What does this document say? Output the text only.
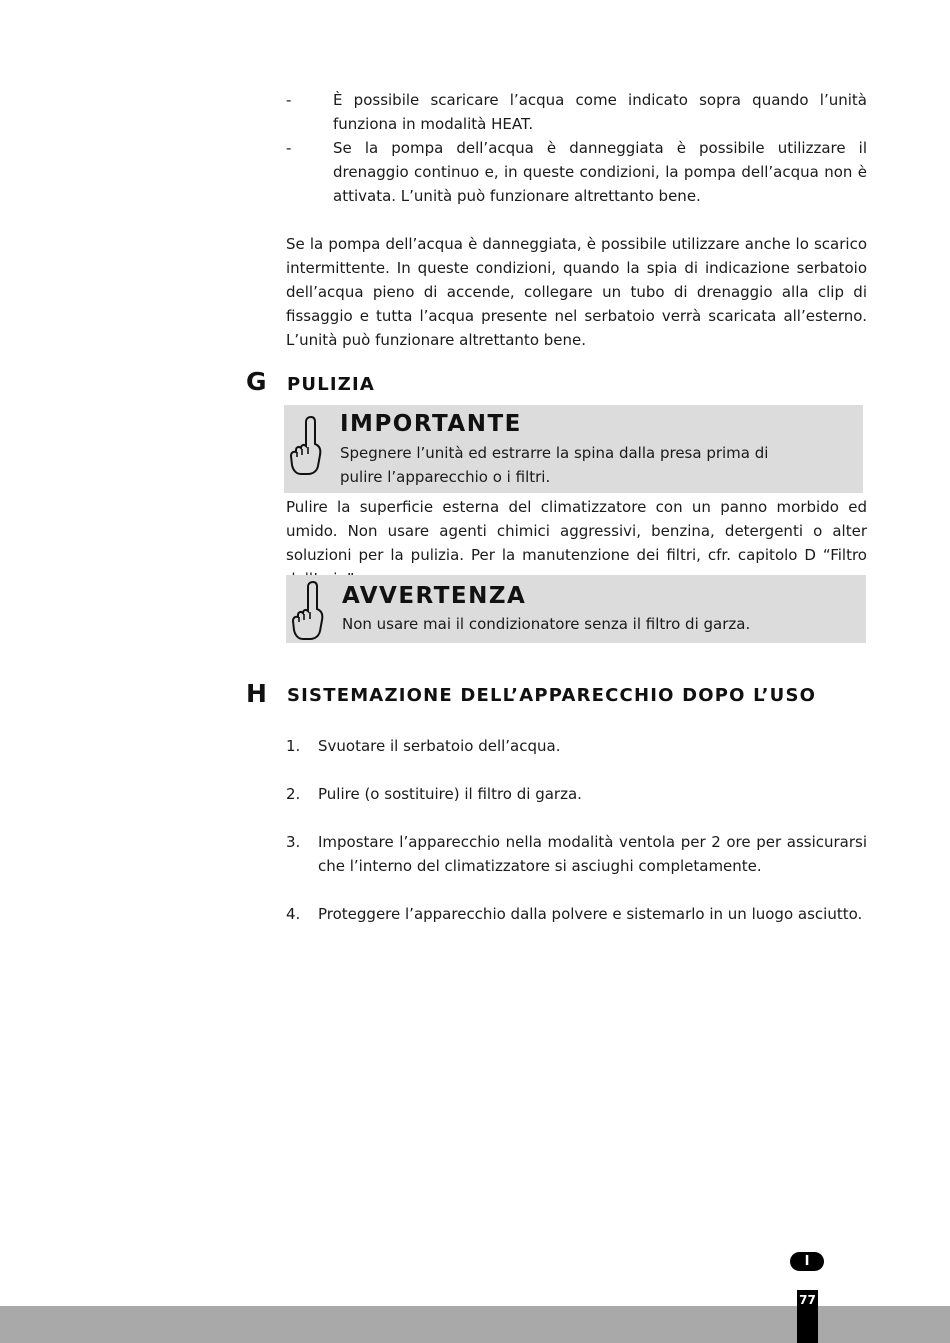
-	È possibile scaricare l’acqua come indicato sopra quando l’unità funziona in modalità HEAT.
-	Se la pompa dell’acqua è danneggiata è possibile utilizzare il drenaggio continuo e, in queste condizioni, la pompa dell’acqua non è attivata. L’unità può funzionare altrettanto bene.
Se la pompa dell’acqua è danneggiata, è possibile utilizzare anche lo scarico intermittente. In queste condizioni, quando la spia di indicazione serbatoio dell’acqua pieno di accende, collegare un tubo di drenaggio alla clip di fissaggio e tutta l’acqua presente nel serbatoio verrà scaricata all’esterno. L’unità può funzionare altrettanto bene.
G PULIZIA
IMPORTANTE
Spegnere l’unità ed estrarre la spina dalla presa prima di pulire l’apparecchio o i filtri.
Pulire la superficie esterna del climatizzatore con un panno morbido ed umido. Non usare agenti chimici aggressivi, benzina, detergenti o alter soluzioni per la pulizia. Per la manutenzione dei filtri, cfr. capitolo D “Filtro
AVVERTENZA
Non usare mai il condizionatore senza il filtro di garza.
H SISTEMAZIONE DELL’APPARECCHIO DOPO L’USO
1. Svuotare il serbatoio dell’acqua.
2. Pulire (o sostituire) il filtro di garza.
3. Impostare l’apparecchio nella modalità ventola per 2 ore per assicurarsi che l’interno del climatizzatore si asciughi completamente.
4. Proteggere l’apparecchio dalla polvere e sistemarlo in un luogo asciutto.
I
77
